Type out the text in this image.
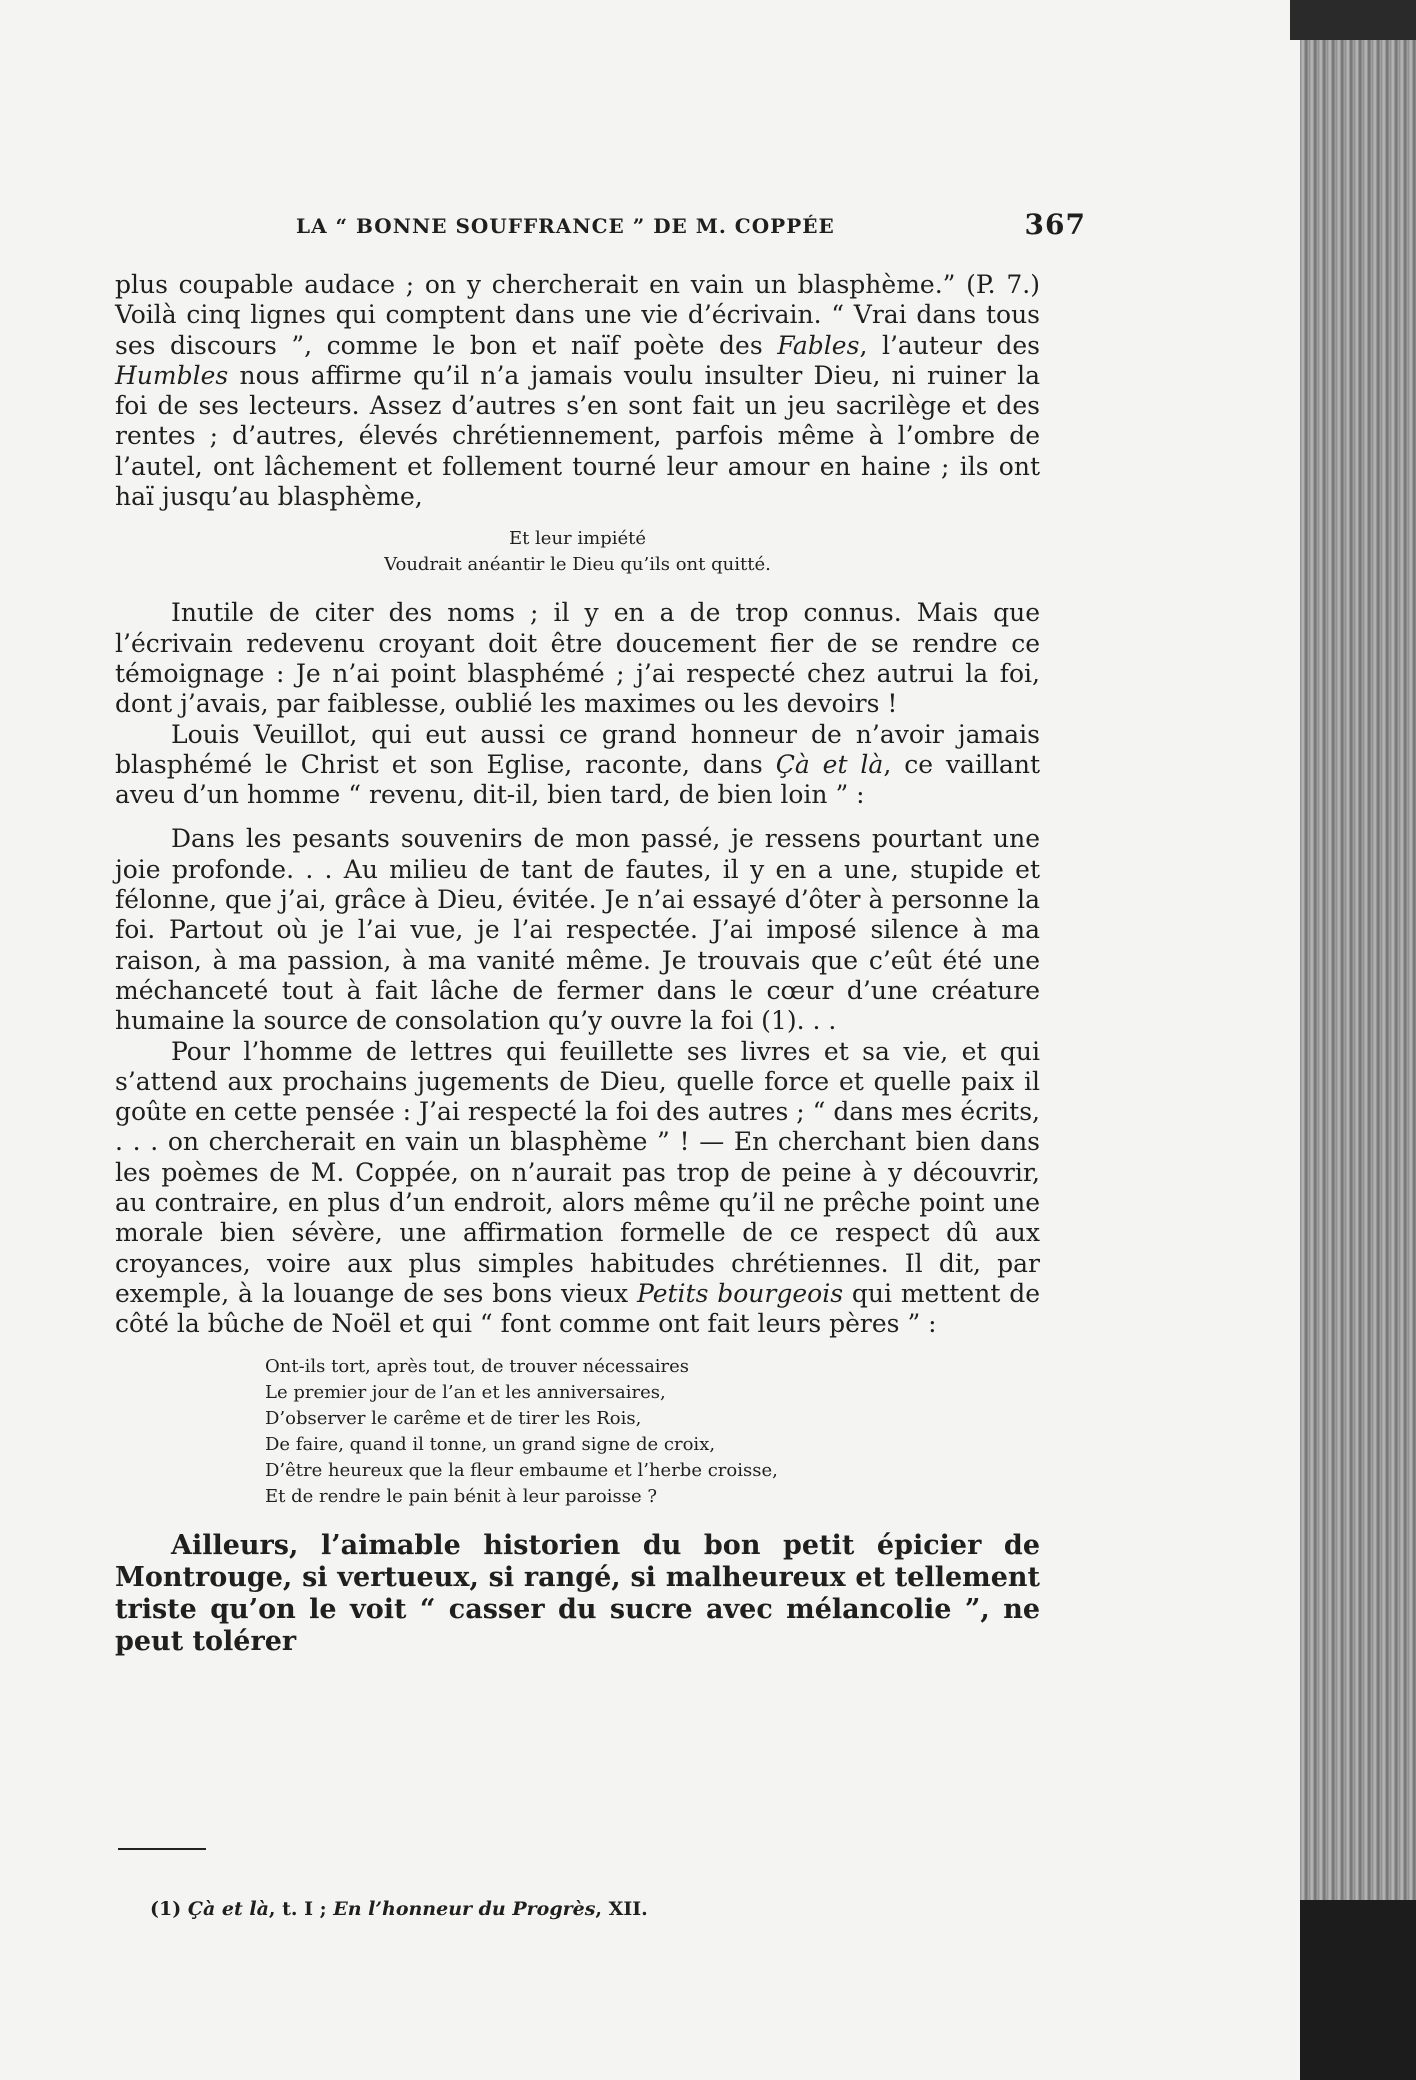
LA “ BONNE SOUFFRANCE ” DE M. COPPÉE	367

plus coupable audace ; on y chercherait en vain un blasphème.” (P. 7.) Voilà cinq lignes qui comptent dans une vie d’écrivain. “ Vrai dans tous ses discours ”, comme le bon et naïf poète des Fables, l’auteur des Humbles nous affirme qu’il n’a jamais voulu insulter Dieu, ni ruiner la foi de ses lecteurs. Assez d’autres s’en sont fait un jeu sacrilège et des rentes ; d’autres, élevés chrétiennement, parfois même à l’ombre de l’autel, ont lâchement et follement tourné leur amour en haine ; ils ont haï jusqu’au blasphème,

Et leur impiété
Voudrait anéantir le Dieu qu’ils ont quitté.

Inutile de citer des noms ; il y en a de trop connus. Mais que l’écrivain redevenu croyant doit être doucement fier de se rendre ce témoignage : Je n’ai point blasphémé ; j’ai respecté chez autrui la foi, dont j’avais, par faiblesse, oublié les maximes ou les devoirs !

Louis Veuillot, qui eut aussi ce grand honneur de n’avoir jamais blasphémé le Christ et son Eglise, raconte, dans Çà et là, ce vaillant aveu d’un homme “ revenu, dit-il, bien tard, de bien loin ” :

Dans les pesants souvenirs de mon passé, je ressens pourtant une joie profonde. . . Au milieu de tant de fautes, il y en a une, stupide et félonne, que j’ai, grâce à Dieu, évitée. Je n’ai essayé d’ôter à personne la foi. Partout où je l’ai vue, je l’ai respectée. J’ai imposé silence à ma raison, à ma passion, à ma vanité même. Je trouvais que c’eût été une méchanceté tout à fait lâche de fermer dans le cœur d’une créature humaine la source de consolation qu’y ouvre la foi (1). . .

Pour l’homme de lettres qui feuillette ses livres et sa vie, et qui s’attend aux prochains jugements de Dieu, quelle force et quelle paix il goûte en cette pensée : J’ai respecté la foi des autres ; “ dans mes écrits, . . . on chercherait en vain un blasphème ” ! — En cherchant bien dans les poèmes de M. Coppée, on n’aurait pas trop de peine à y découvrir, au contraire, en plus d’un endroit, alors même qu’il ne prêche point une morale bien sévère, une affirmation formelle de ce respect dû aux croyances, voire aux plus simples habitudes chrétiennes. Il dit, par exemple, à la louange de ses bons vieux Petits bourgeois qui mettent de côté la bûche de Noël et qui “ font comme ont fait leurs pères ” :

Ont-ils tort, après tout, de trouver nécessaires
Le premier jour de l’an et les anniversaires,
D’observer le carême et de tirer les Rois,
De faire, quand il tonne, un grand signe de croix,
D’être heureux que la fleur embaume et l’herbe croisse,
Et de rendre le pain bénit à leur paroisse ?

Ailleurs, l’aimable historien du bon petit épicier de Montrouge, si vertueux, si rangé, si malheureux et tellement triste qu’on le voit “ casser du sucre avec mélancolie ”, ne peut tolérer

(1) Çà et là, t. I ; En l’honneur du Progrès, XII.
